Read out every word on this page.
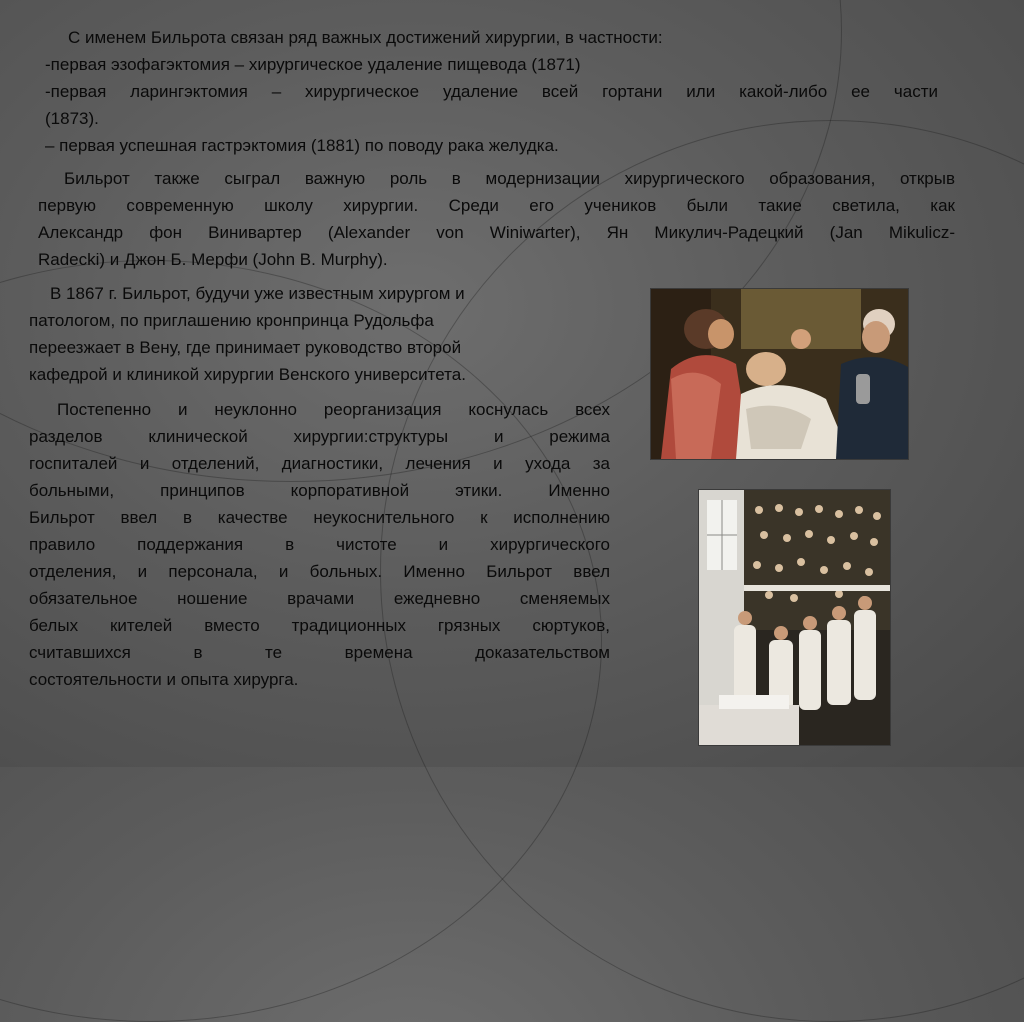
С именем Бильрота связан ряд важных достижений хирургии, в частности:

-первая эзофагэктомия – хирургическое удаление пищевода (1871)

-первая ларингэктомия – хирургическое удаление всей гортани или какой-либо ее части

(1873).

– первая успешная гастрэктомия (1881) по поводу рака желудка.

Бильрот также сыграл важную роль в модернизации хирургического образования, открыв

первую современную школу хирургии. Среди его учеников были такие светила, как

Александр фон Винивартер (Alexander von Winiwarter), Ян Микулич-Радецкий (Jan Mikulicz-

Radecki) и Джон Б. Мерфи (John B. Murphy).

В 1867 г. Бильрот, будучи уже известным хирургом и

патологом, по приглашению кронпринца Рудольфа

переезжает в Вену, где принимает руководство второй

кафедрой и клиникой хирургии Венского университета.

Постепенно и неуклонно реорганизация коснулась всех

разделов клинической хирургии:структуры и режима

госпиталей и отделений, диагностики, лечения и ухода за

больными, принципов корпоративной этики. Именно

Бильрот ввел в качестве неукоснительного к исполнению

правило поддержания в чистоте и хирургического

отделения, и персонала, и больных. Именно Бильрот ввел

обязательное ношение врачами ежедневно сменяемых

белых кителей вместо традиционных грязных сюртуков,

считавшихся в те времена доказательством

состоятельности и опыта хирурга.
